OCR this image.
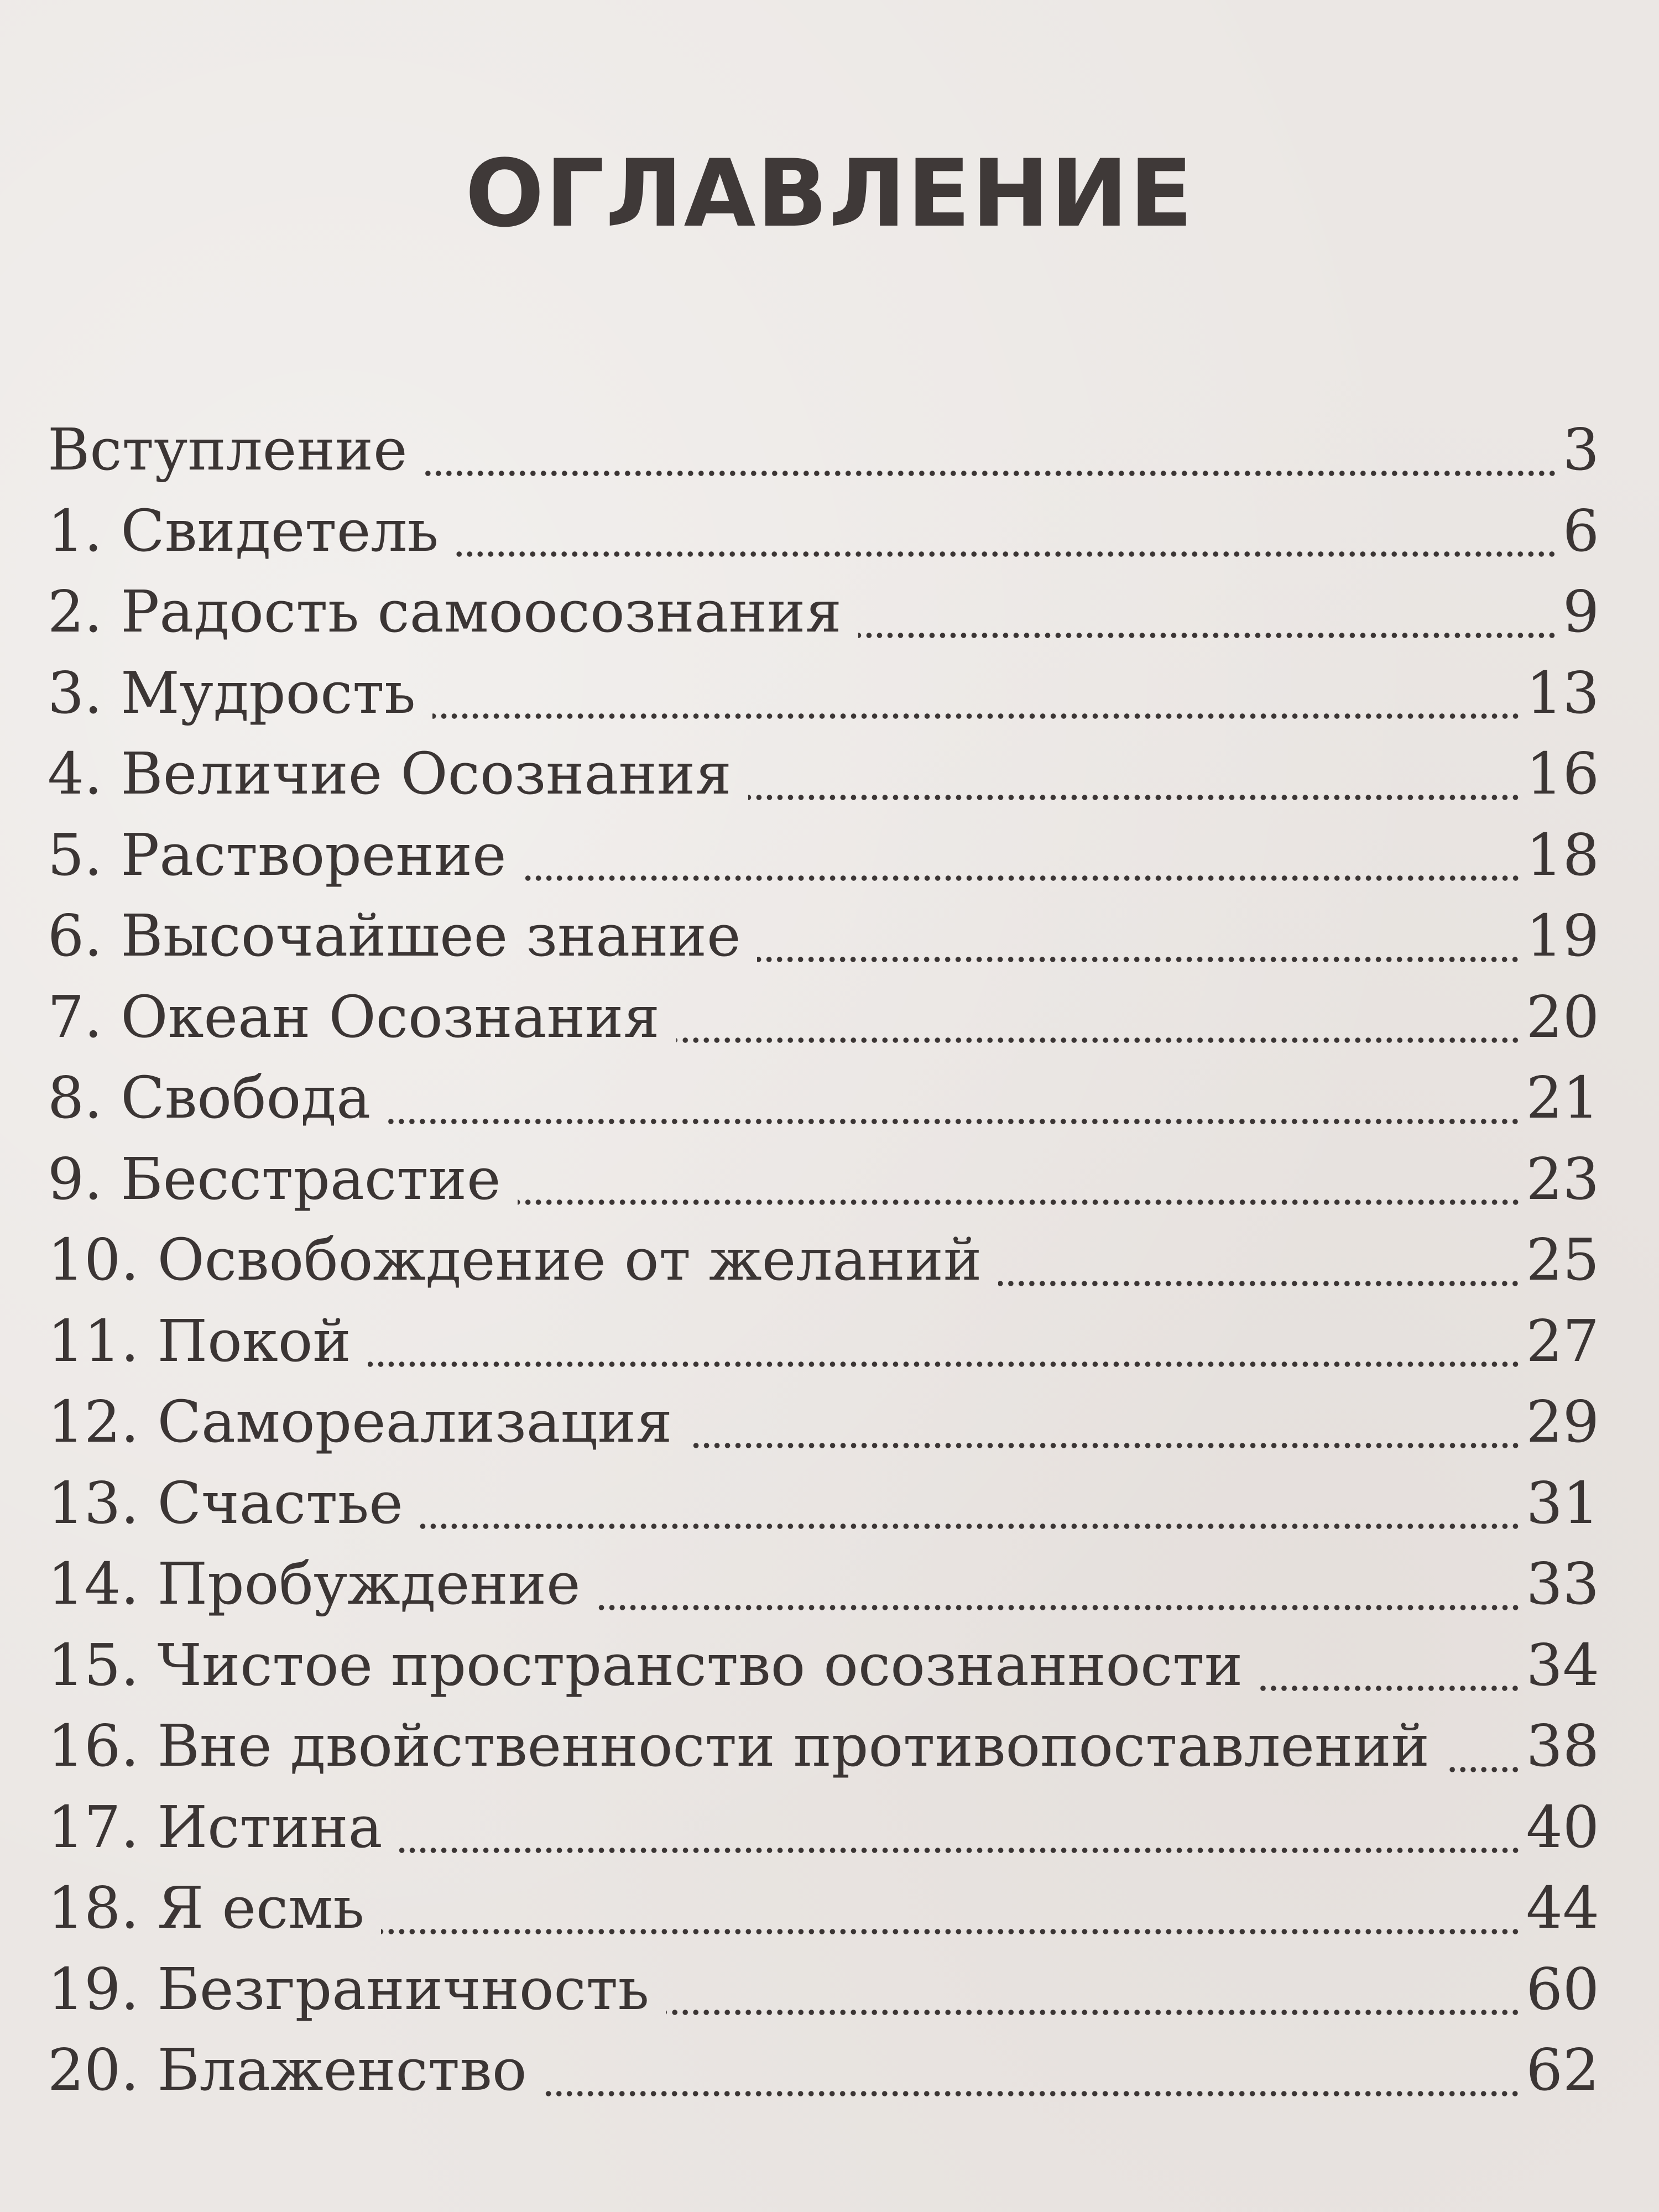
ОГЛАВЛЕНИЕ
Вступление	3
1. Свидетель	6
2. Радость самоосознания	9
3. Мудрость	13
4. Величие Осознания	16
5. Растворение	18
6. Высочайшее знание	19
7. Океан Осознания	20
8. Свобода	21
9. Бесстрастие	23
10. Освобождение от желаний	25
11. Покой	27
12. Самореализация	29
13. Счастье	31
14. Пробуждение	33
15. Чистое пространство осознанности	34
16. Вне двойственности противопоставлений 38
17. Истина	40
18. Я есмь	44
19. Безграничность	60
20. Блаженство	62
